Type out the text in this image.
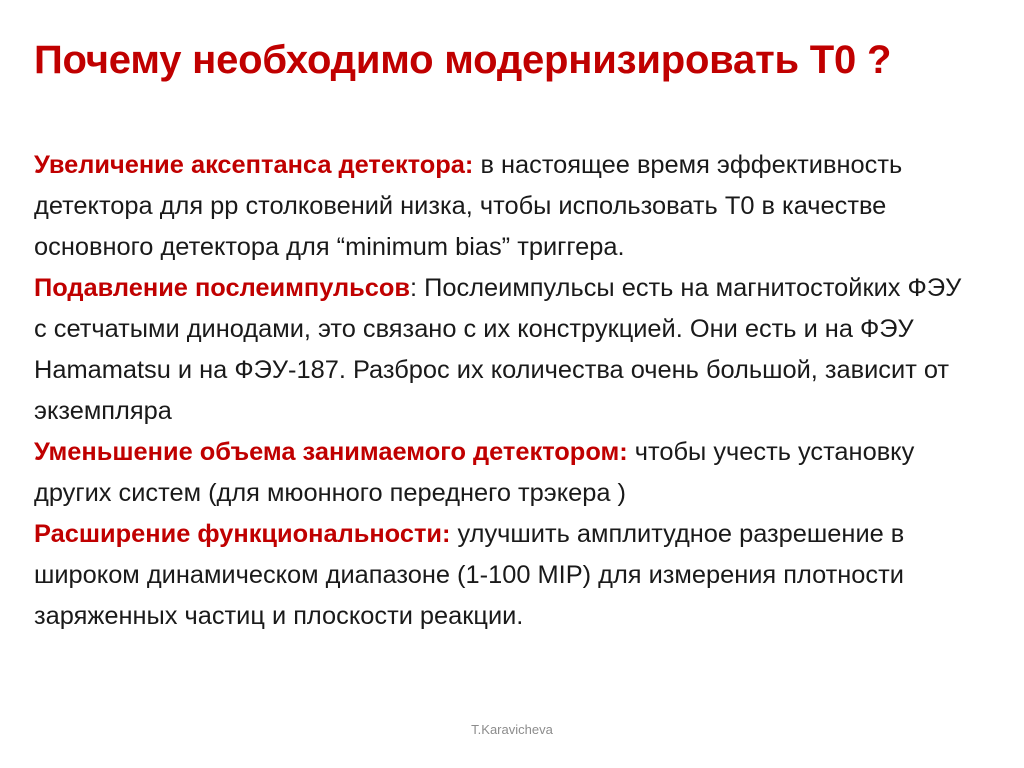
Почему необходимо модернизировать Т0 ?

Увеличение аксептанса детектора: в настоящее время эффективность детектора для pp столковений низка, чтобы использовать Т0 в качестве основного детектора для “minimum bias” триггера.

Подавление послеимпульсов: Послеимпульсы есть на магнитостойких ФЭУ с сетчатыми динодами, это связано с их конструкцией. Они есть и на ФЭУ Hamamatsu и на ФЭУ-187. Разброс их количества очень большой, зависит от экземпляра

Уменьшение объема занимаемого детектором: чтобы учесть установку других систем (для мюонного переднего трэкера )

Расширение функциональности: улучшить амплитудное разрешение в широком динамическом диапазоне (1-100 MIP) для измерения плотности заряженных частиц и плоскости реакции.

T.Karavicheva
